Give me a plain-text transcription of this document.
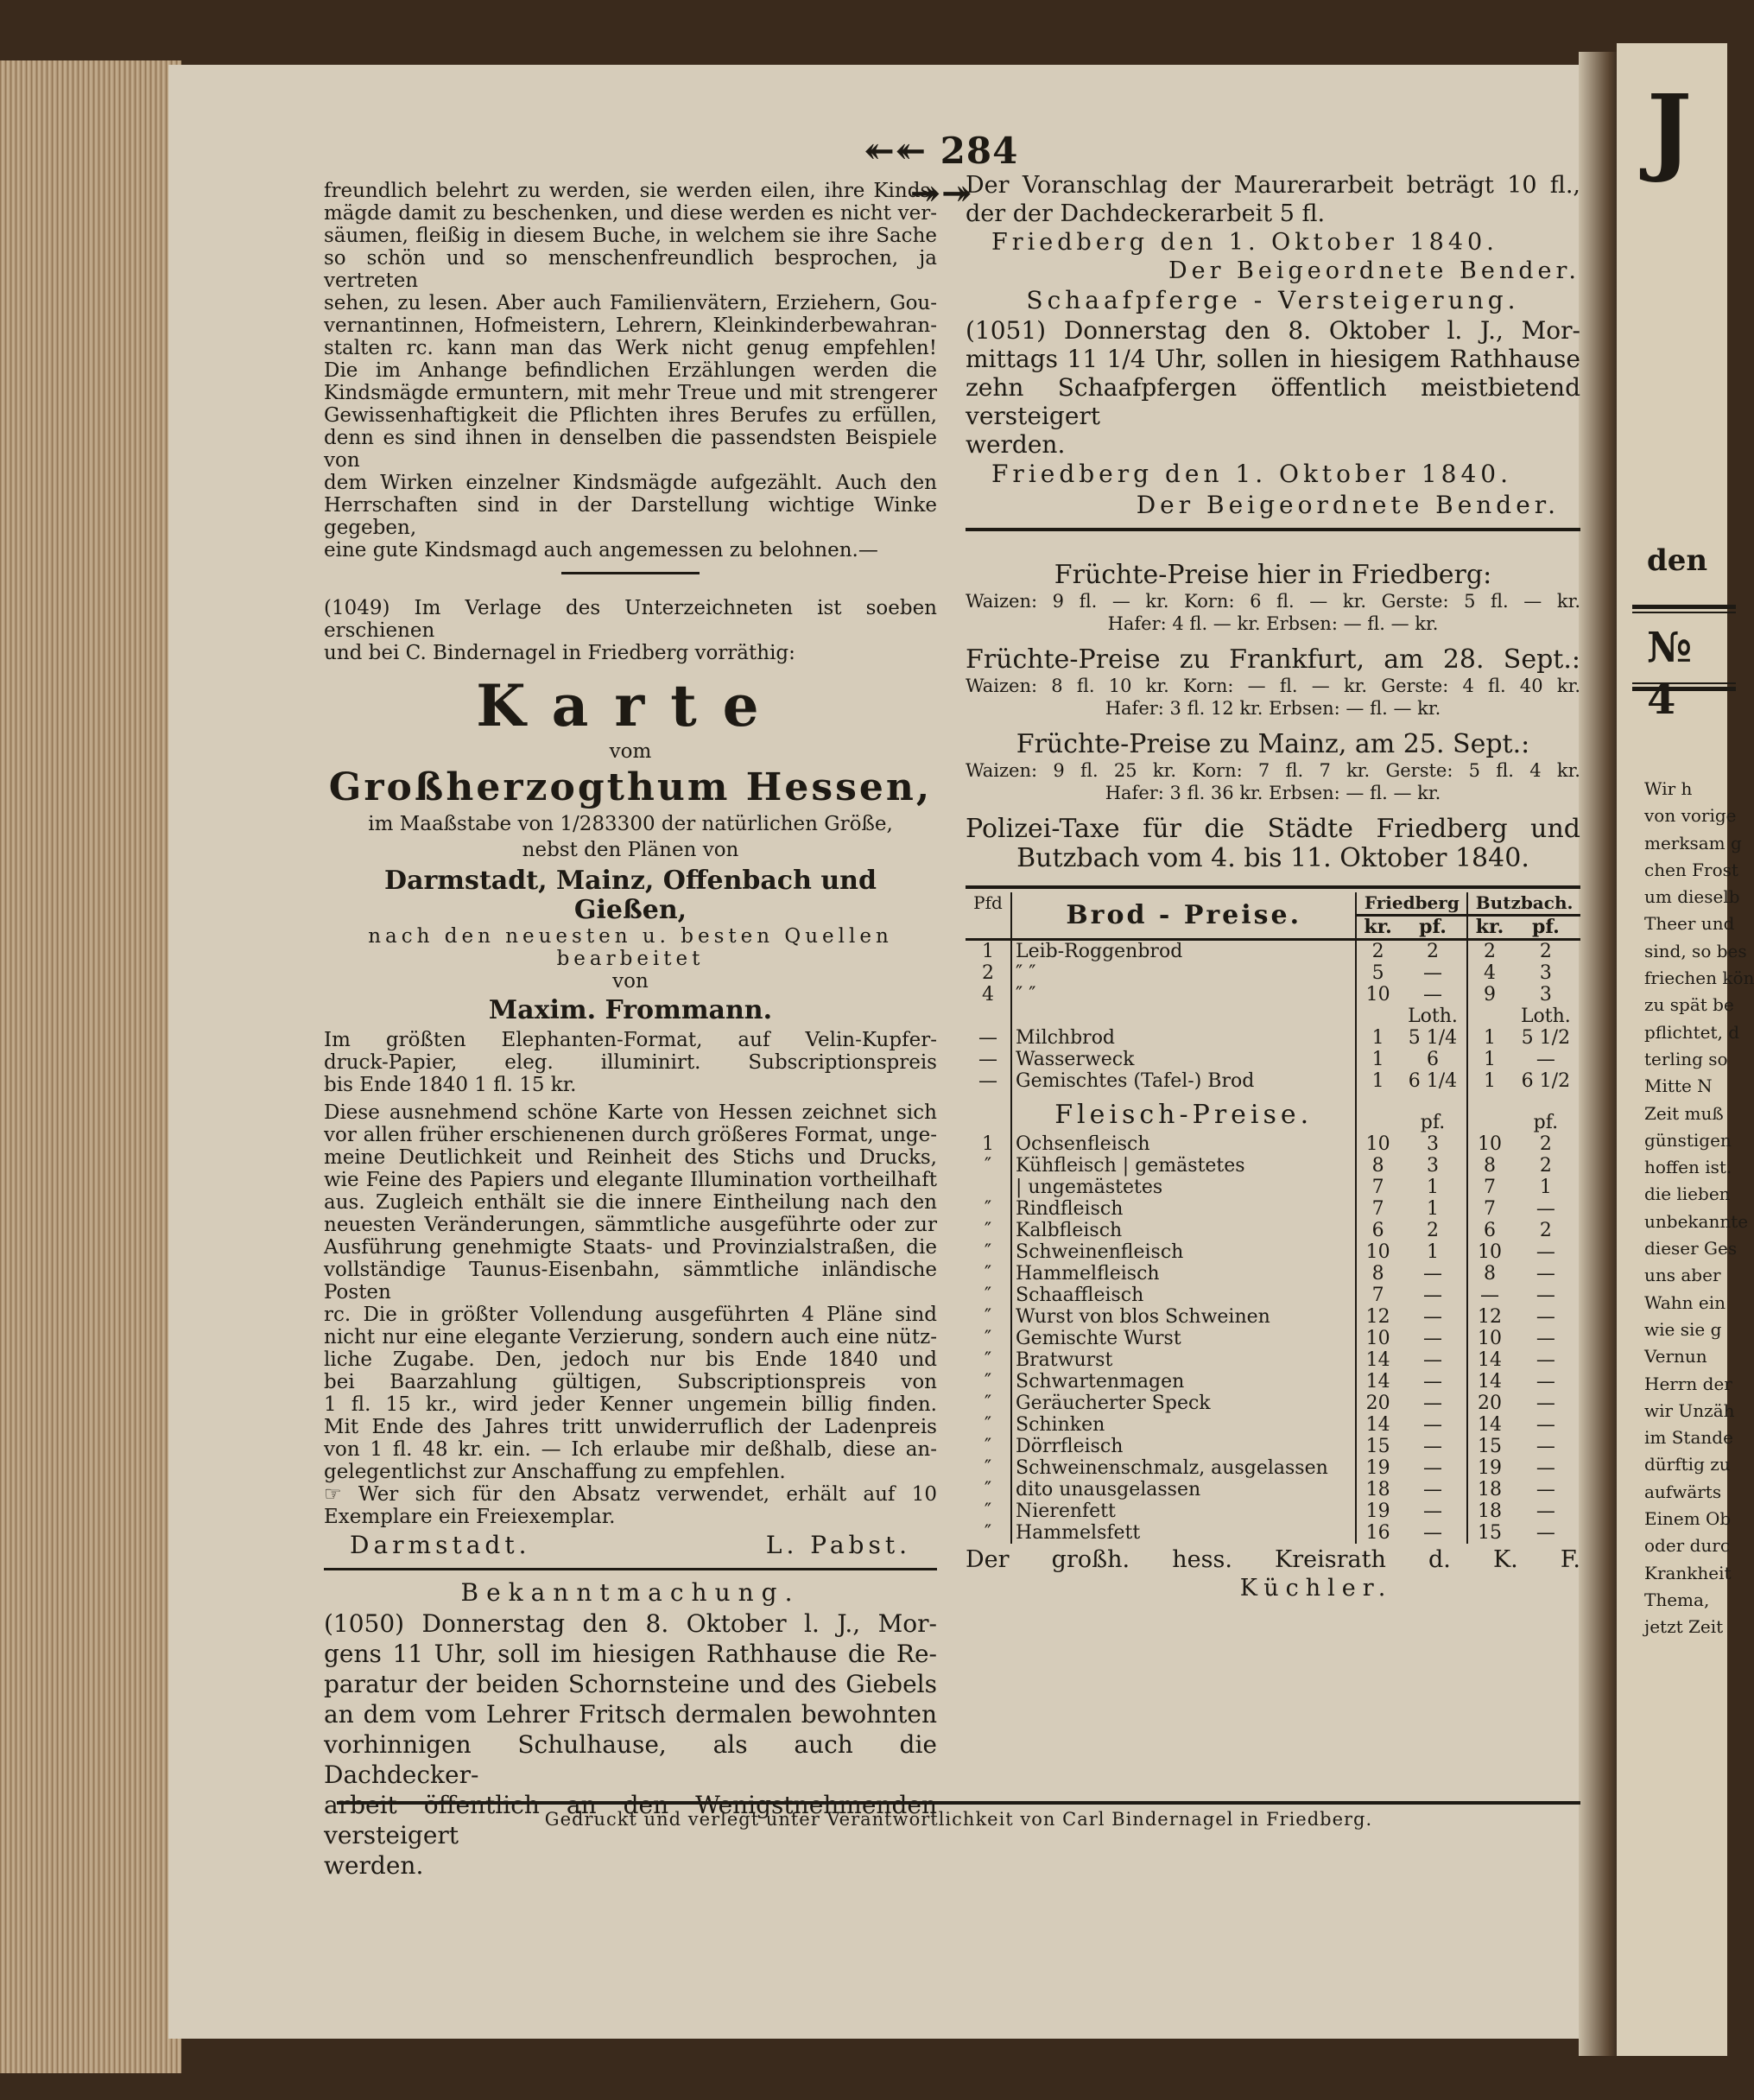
↞↞ 284 ↠↠

freundlich belehrt zu werden, sie werden eilen, ihre Kinds-

mägde damit zu beschenken, und diese werden es nicht ver-

säumen, fleißig in diesem Buche, in welchem sie ihre Sache

so schön und so menschenfreundlich besprochen, ja vertreten

sehen, zu lesen. Aber auch Familienvätern, Erziehern, Gou-

vernantinnen, Hofmeistern, Lehrern, Kleinkinderbewahran-

stalten rc. kann man das Werk nicht genug empfehlen!

Die im Anhange befindlichen Erzählungen werden die

Kindsmägde ermuntern, mit mehr Treue und mit strengerer

Gewissenhaftigkeit die Pflichten ihres Berufes zu erfüllen,

denn es sind ihnen in denselben die passendsten Beispiele von

dem Wirken einzelner Kindsmägde aufgezählt. Auch den

Herrschaften sind in der Darstellung wichtige Winke gegeben,

eine gute Kindsmagd auch angemessen zu belohnen.—

(1049) Im Verlage des Unterzeichneten ist soeben erschienen

und bei C. Bindernagel in Friedberg vorräthig:

Karte

vom

Großherzogthum Hessen,

im Maaßstabe von 1/283300 der natürlichen Größe,

nebst den Plänen von

Darmstadt, Mainz, Offenbach und Gießen,

nach den neuesten u. besten Quellen bearbeitet

von

Maxim. Frommann.

Im größten Elephanten-Format, auf Velin-Kupfer-

druck-Papier, eleg. illuminirt. Subscriptionspreis

bis Ende 1840 1 fl. 15 kr.

Diese ausnehmend schöne Karte von Hessen zeichnet sich

vor allen früher erschienenen durch größeres Format, unge-

meine Deutlichkeit und Reinheit des Stichs und Drucks,

wie Feine des Papiers und elegante Illumination vortheilhaft

aus. Zugleich enthält sie die innere Eintheilung nach den

neuesten Veränderungen, sämmtliche ausgeführte oder zur

Ausführung genehmigte Staats- und Provinzialstraßen, die

vollständige Taunus-Eisenbahn, sämmtliche inländische Posten

rc. Die in größter Vollendung ausgeführten 4 Pläne sind

nicht nur eine elegante Verzierung, sondern auch eine nütz-

liche Zugabe. Den, jedoch nur bis Ende 1840 und

bei Baarzahlung gültigen, Subscriptionspreis von

1 fl. 15 kr., wird jeder Kenner ungemein billig finden.

Mit Ende des Jahres tritt unwiderruflich der Ladenpreis

von 1 fl. 48 kr. ein. — Ich erlaube mir deßhalb, diese an-

gelegentlichst zur Anschaffung zu empfehlen.

☞ Wer sich für den Absatz verwendet, erhält auf 10

Exemplare ein Freiexemplar.

Darmstadt.	L. Pabst.

Bekanntmachung.

(1050) Donnerstag den 8. Oktober l. J., Mor-

gens 11 Uhr, soll im hiesigen Rathhause die Re-

paratur der beiden Schornsteine und des Giebels

an dem vom Lehrer Fritsch dermalen bewohnten

vorhinnigen Schulhause, als auch die Dachdecker-

arbeit öffentlich an den Wenigstnehmenden versteigert

werden.

Der Voranschlag der Maurerarbeit beträgt 10 fl.,

der der Dachdeckerarbeit 5 fl.

Friedberg den 1. Oktober 1840.

Der Beigeordnete Bender.

Schaafpferge - Versteigerung.

(1051) Donnerstag den 8. Oktober l. J., Mor-

mittags 11 1/4 Uhr, sollen in hiesigem Rathhause

zehn Schaafpfergen öffentlich meistbietend versteigert

werden.

Friedberg den 1. Oktober 1840.

Der Beigeordnete Bender.

Früchte-Preise hier in Friedberg:

Waizen: 9 fl. — kr. Korn: 6 fl. — kr. Gerste: 5 fl. — kr.

Hafer: 4 fl. — kr. Erbsen: — fl. — kr.

Früchte-Preise zu Frankfurt, am 28. Sept.:

Waizen: 8 fl. 10 kr. Korn: — fl. — kr. Gerste: 4 fl. 40 kr.

Hafer: 3 fl. 12 kr. Erbsen: — fl. — kr.

Früchte-Preise zu Mainz, am 25. Sept.:

Waizen: 9 fl. 25 kr. Korn: 7 fl. 7 kr. Gerste: 5 fl. 4 kr.

Hafer: 3 fl. 36 kr. Erbsen: — fl. — kr.

Polizei-Taxe für die Städte Friedberg und

Butzbach vom 4. bis 11. Oktober 1840.

Pfd	Brod - Preise.	Friedberg		Butzbach.	
		kr.	pf.	kr.	pf.
1	Leib-Roggenbrod	2	2	2	2
2	″ ″	5	—	4	3
4	″ ″	10	—	9	3
			Loth.		Loth.
—	Milchbrod	1	5 1/4	1	5 1/2
—	Wasserweck	1	6	1	—
—	Gemischtes (Tafel-) Brod	1	6 1/4	1	6 1/2
	Fleisch-Preise.		pf.		pf.
1	Ochsenfleisch	10	3	10	2
″	Kühfleisch | gemästetes	8	3	8	2
	| ungemästetes	7	1	7	1
″	Rindfleisch	7	1	7	—
″	Kalbfleisch	6	2	6	2
″	Schweinenfleisch	10	1	10	—
″	Hammelfleisch	8	—	8	—
″	Schaaffleisch	7	—	—	—
″	Wurst von blos Schweinen	12	—	12	—
″	Gemischte Wurst	10	—	10	—
″	Bratwurst	14	—	14	—
″	Schwartenmagen	14	—	14	—
″	Geräucherter Speck	20	—	20	—
″	Schinken	14	—	14	—
″	Dörrfleisch	15	—	15	—
″	Schweinenschmalz, ausgelassen	19	—	19	—
″	dito unausgelassen	18	—	18	—
″	Nierenfett	19	—	18	—
″	Hammelsfett	16	—	15	—

Der großh. hess. Kreisrath d. K. F.

Küchler.

Gedruckt und verlegt unter Verantwortlichkeit von Carl Bindernagel in Friedberg.

J
den
№ 4
Wir h
von vorige
merksam g
chen Frost
um dieselb
Theer und
sind, so bes
friechen kön
zu spät be
pflichtet, d
terling so
Mitte N
Zeit muß
günstigen
hoffen ist.
die lieben
unbekannte
dieser Ges
uns aber
Wahn ein
wie sie g
Vernun
Herrn der
wir Unzäh
im Stande
dürftig zu
aufwärts
Einem Ob
oder durc
Krankheit
Thema,
jetzt Zeit
